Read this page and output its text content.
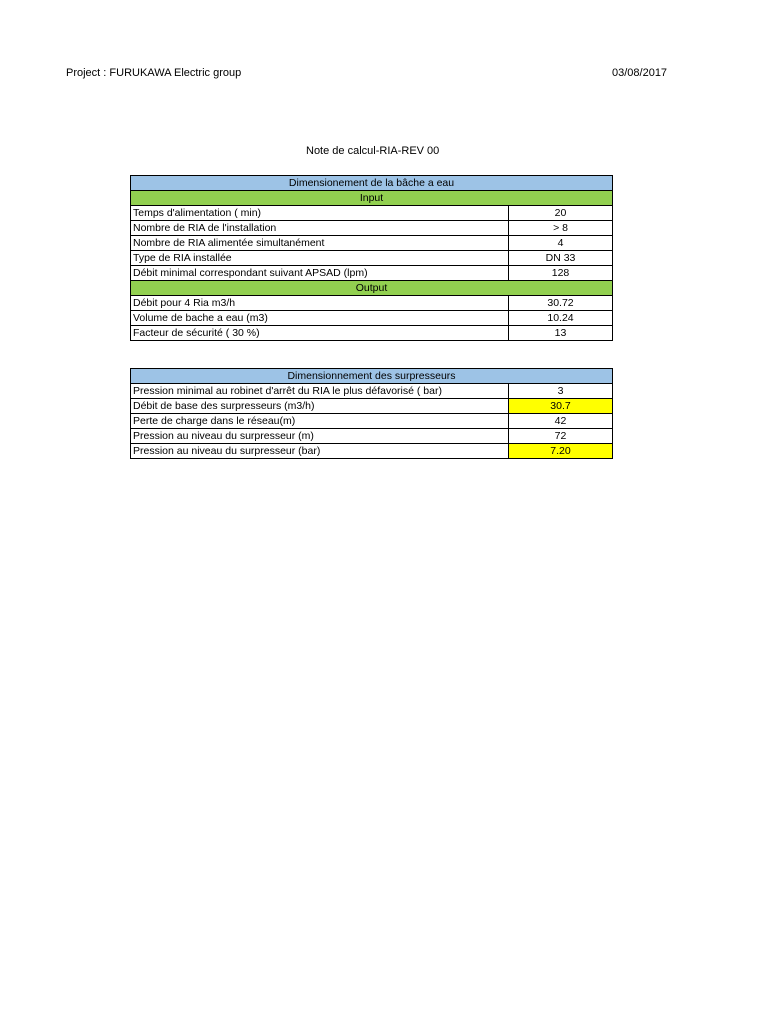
Project : FURUKAWA Electric group	03/08/2017
Note de calcul-RIA-REV 00
Dimensionement de la bâche a eau	
Input	
Temps d'alimentation ( min)	20
Nombre de RIA de l'installation	> 8
Nombre de RIA alimentée simultanément	4
Type de RIA installée	DN 33
Débit minimal correspondant suivant APSAD (lpm)	128
Output	
Débit pour 4 Ria m3/h	30.72
Volume de bache a eau (m3)	10.24
Facteur de sécurité ( 30 %)	13
Dimensionnement des surpresseurs	
Pression minimal au robinet d'arrêt du RIA le plus défavorisé ( bar)	3
Débit de base des surpresseurs (m3/h)	30.7
Perte de charge dans le réseau(m)	42
Pression au niveau du surpresseur (m)	72
Pression au niveau du surpresseur (bar)	7.20
